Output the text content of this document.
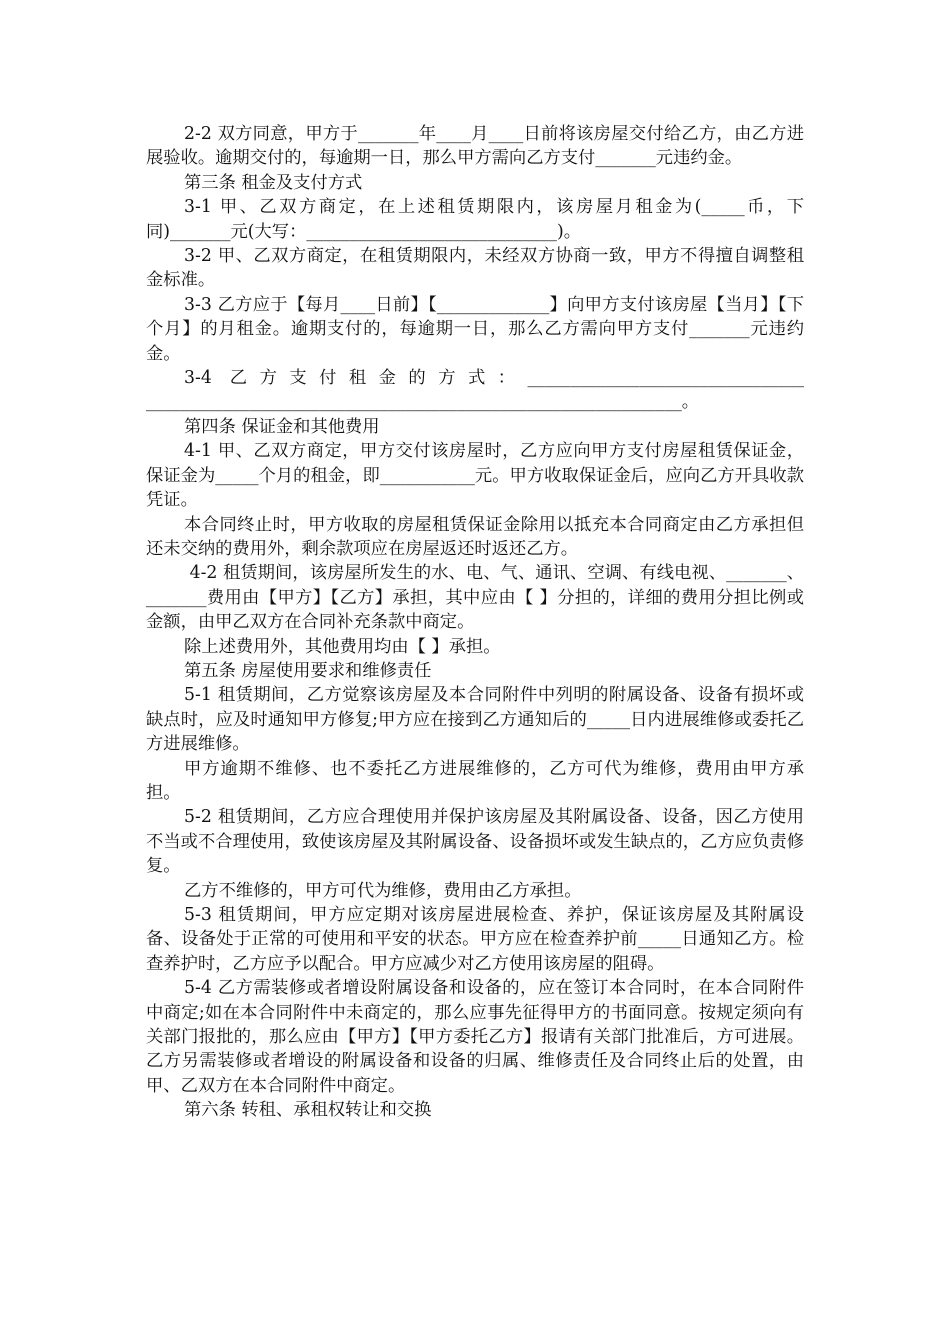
2-2 双方同意，甲方于_______年____月____日前将该房屋交付给乙方，由乙方进展验收。逾期交付的，每逾期一日，那么甲方需向乙方支付_______元违约金。

第三条 租金及支付方式

3-1 甲、乙双方商定，在上述租赁期限内，该房屋月租金为(_____币，下同)_______元(大写：_____________________________)。

3-2 甲、乙双方商定，在租赁期限内，未经双方协商一致，甲方不得擅自调整租金标准。

3-3 乙方应于【每月____日前】【_____________】向甲方支付该房屋【当月】【下个月】的月租金。逾期支付的，每逾期一日，那么乙方需向甲方支付_______元违约金。

3-4 乙方支付租金的方式：________________________________ ______________________________________________________________。

第四条 保证金和其他费用

4-1 甲、乙双方商定，甲方交付该房屋时，乙方应向甲方支付房屋租赁保证金，保证金为_____个月的租金，即___________元。甲方收取保证金后，应向乙方开具收款凭证。

本合同终止时，甲方收取的房屋租赁保证金除用以抵充本合同商定由乙方承担但还未交纳的费用外，剩余款项应在房屋返还时返还乙方。

4-2 租赁期间，该房屋所发生的水、电、气、通讯、空调、有线电视、_______、_______费用由【甲方】【乙方】承担，其中应由【 】分担的，详细的费用分担比例或金额，由甲乙双方在合同补充条款中商定。

除上述费用外，其他费用均由【 】承担。

第五条 房屋使用要求和维修责任

5-1 租赁期间，乙方觉察该房屋及本合同附件中列明的附属设备、设备有损坏或缺点时，应及时通知甲方修复;甲方应在接到乙方通知后的_____日内进展维修或委托乙方进展维修。

甲方逾期不维修、也不委托乙方进展维修的，乙方可代为维修，费用由甲方承担。

5-2 租赁期间，乙方应合理使用并保护该房屋及其附属设备、设备，因乙方使用不当或不合理使用，致使该房屋及其附属设备、设备损坏或发生缺点的，乙方应负责修复。

乙方不维修的，甲方可代为维修，费用由乙方承担。

5-3 租赁期间，甲方应定期对该房屋进展检查、养护，保证该房屋及其附属设备、设备处于正常的可使用和平安的状态。甲方应在检查养护前_____日通知乙方。检查养护时，乙方应予以配合。甲方应减少对乙方使用该房屋的阻碍。

5-4 乙方需装修或者增设附属设备和设备的，应在签订本合同时，在本合同附件中商定;如在本合同附件中未商定的，那么应事先征得甲方的书面同意。按规定须向有关部门报批的，那么应由【甲方】【甲方委托乙方】报请有关部门批准后，方可进展。乙方另需装修或者增设的附属设备和设备的归属、维修责任及合同终止后的处置，由甲、乙双方在本合同附件中商定。

第六条 转租、承租权转让和交换
